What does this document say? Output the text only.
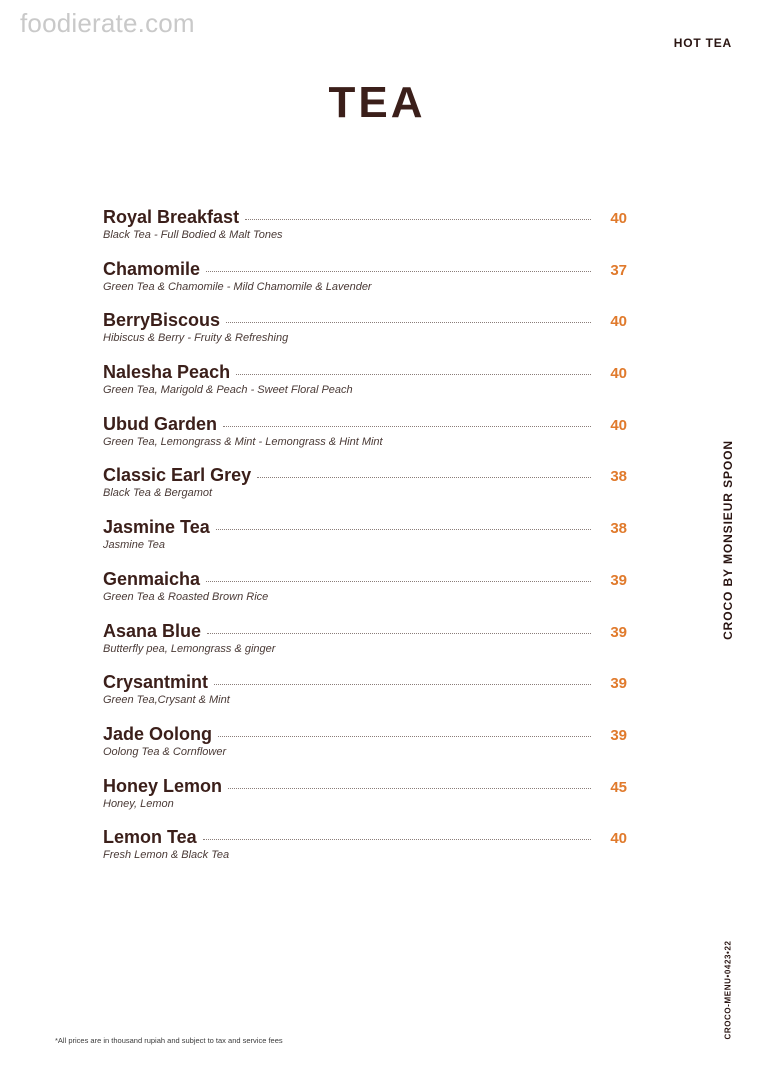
foodierate.com
HOT TEA
TEA
Royal Breakfast	40
Black Tea - Full Bodied & Malt Tones
Chamomile	37
Green Tea & Chamomile - Mild Chamomile & Lavender
BerryBiscous	40
Hibiscus & Berry - Fruity & Refreshing
Nalesha Peach	40
Green Tea, Marigold & Peach - Sweet Floral Peach
Ubud Garden	40
Green Tea, Lemongrass & Mint - Lemongrass & Hint Mint
Classic Earl Grey	38
Black Tea & Bergamot
Jasmine Tea	38
Jasmine Tea
Genmaicha	39
Green Tea & Roasted Brown Rice
Asana Blue	39
Butterfly pea, Lemongrass & ginger
Crysantmint	39
Green Tea,Crysant & Mint
Jade Oolong	39
Oolong Tea & Cornflower
Honey Lemon	45
Honey, Lemon
Lemon Tea	40
Fresh Lemon & Black Tea
CROCO BY MONSIEUR SPOON
CROCO-MENU•0423•22
*All prices are in thousand rupiah and subject to tax and service fees
